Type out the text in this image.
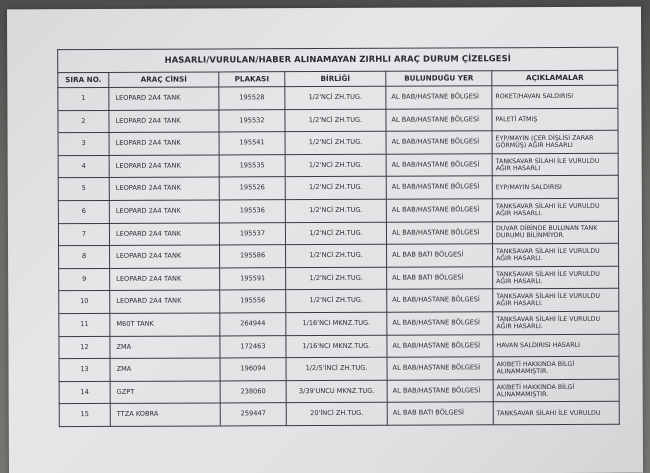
HASARLI/VURULAN/HABER ALINAMAYAN ZIRHLI ARAÇ DURUM ÇİZELGESİ					
SIRA NO.	ARAÇ CİNSİ	PLAKASI	BİRLİĞİ	BULUNDUĞU YER	AÇIKLAMALAR
1	LEOPARD 2A4 TANK	195528	1/2'NCİ ZH.TUG.	AL BAB/HASTANE BÖLGESİ	ROKET/HAVAN SALDIRISI
2	LEOPARD 2A4 TANK	195532	1/2'NCİ ZH.TUG.	AL BAB/HASTANE BÖLGESİ	PALETİ ATMIŞ
3	LEOPARD 2A4 TANK	195541	1/2'NCİ ZH.TUG.	AL BAB/HASTANE BÖLGESİ	EYP/MAYIN (CER DİŞLİSİ ZARAR GÖRMÜŞ) AĞIR HASARLI
4	LEOPARD 2A4 TANK	195535	1/2'NCİ ZH.TUG.	AL BAB/HASTANE BÖLGESİ	TANKSAVAR SİLAHI İLE VURULDU AĞIR HASARLI
5	LEOPARD 2A4 TANK	195526	1/2'NCİ ZH.TUG.	AL BAB/HASTANE BÖLGESİ	EYP/MAYIN SALDIRISI
6	LEOPARD 2A4 TANK	195536	1/2'NCİ ZH.TUG.	AL BAB/HASTANE BÖLGESİ	TANKSAVAR SİLAHI İLE VURULDU AĞIR HASARLI.
7	LEOPARD 2A4 TANK	195537	1/2'NCİ ZH.TUG.	AL BAB/HASTANE BÖLGESİ	DUVAR DİBİNDE BULUNAN TANK DURUMU BİLİNMİYOR.
8	LEOPARD 2A4 TANK	195586	1/2'NCİ ZH.TUG.	AL BAB BATI BÖLGESİ	TANKSAVAR SİLAHI İLE VURULDU AĞIR HASARLI.
9	LEOPARD 2A4 TANK	195591	1/2'NCİ ZH.TUG.	AL BAB BATI BÖLGESİ	TANKSAVAR SİLAHI İLE VURULDU AĞIR HASARLI.
10	LEOPARD 2A4 TANK	195556	1/2'NCİ ZH.TUG.	AL BAB/HASTANE BÖLGESİ	TANKSAVAR SİLAHI İLE VURULDU AĞIR HASARLI.
11	M60T TANK	264944	1/16'NCI MKNZ.TUG.	AL BAB/HASTANE BÖLGESİ	TANKSAVAR SİLAHI İLE VURULDU AĞIR HASARLI.
12	ZMA	172463	1/16'NCI MKNZ.TUG.	AL BAB/HASTANE BÖLGESİ	HAVAN SALDIRISI HASARLI
13	ZMA	196094	1/2/5'İNCİ ZH.TUG.	AL BAB/HASTANE BÖLGESİ	AKIBETİ HAKKINDA BİLGİ ALINAMAMIŞTIR.
14	GZPT	238060	3/39'UNCU MKNZ.TUG.	AL BAB/HASTANE BÖLGESİ	AKIBETİ HAKKINDA BİLGİ ALINAMAMIŞTIR.
15	TTZA KOBRA	259447	20'İNCİ ZH.TUG.	AL BAB BATI BÖLGESİ	TANKSAVAR SİLAHI İLE VURULDU
